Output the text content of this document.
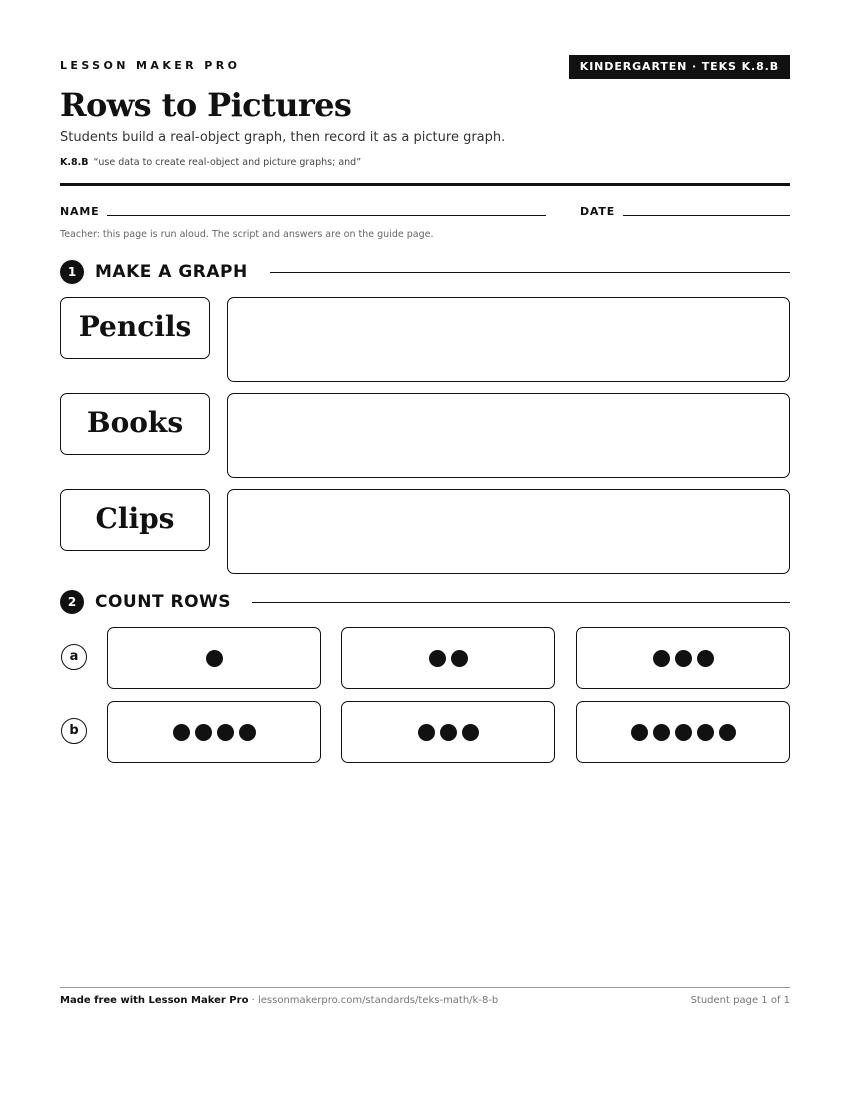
LESSON MAKER PRO	KINDERGARTEN · TEKS K.8.B
Rows to Pictures
Students build a real-object graph, then record it as a picture graph.
K.8.B “use data to create real-object and picture graphs; and”
NAME	DATE
Teacher: this page is run aloud. The script and answers are on the guide page.
1	MAKE A GRAPH
Pencils
Books
Clips
2	COUNT ROWS
a
b
Made free with Lesson Maker Pro · lessonmakerpro.com/standards/teks-math/k-8-b	Student page 1 of 1
